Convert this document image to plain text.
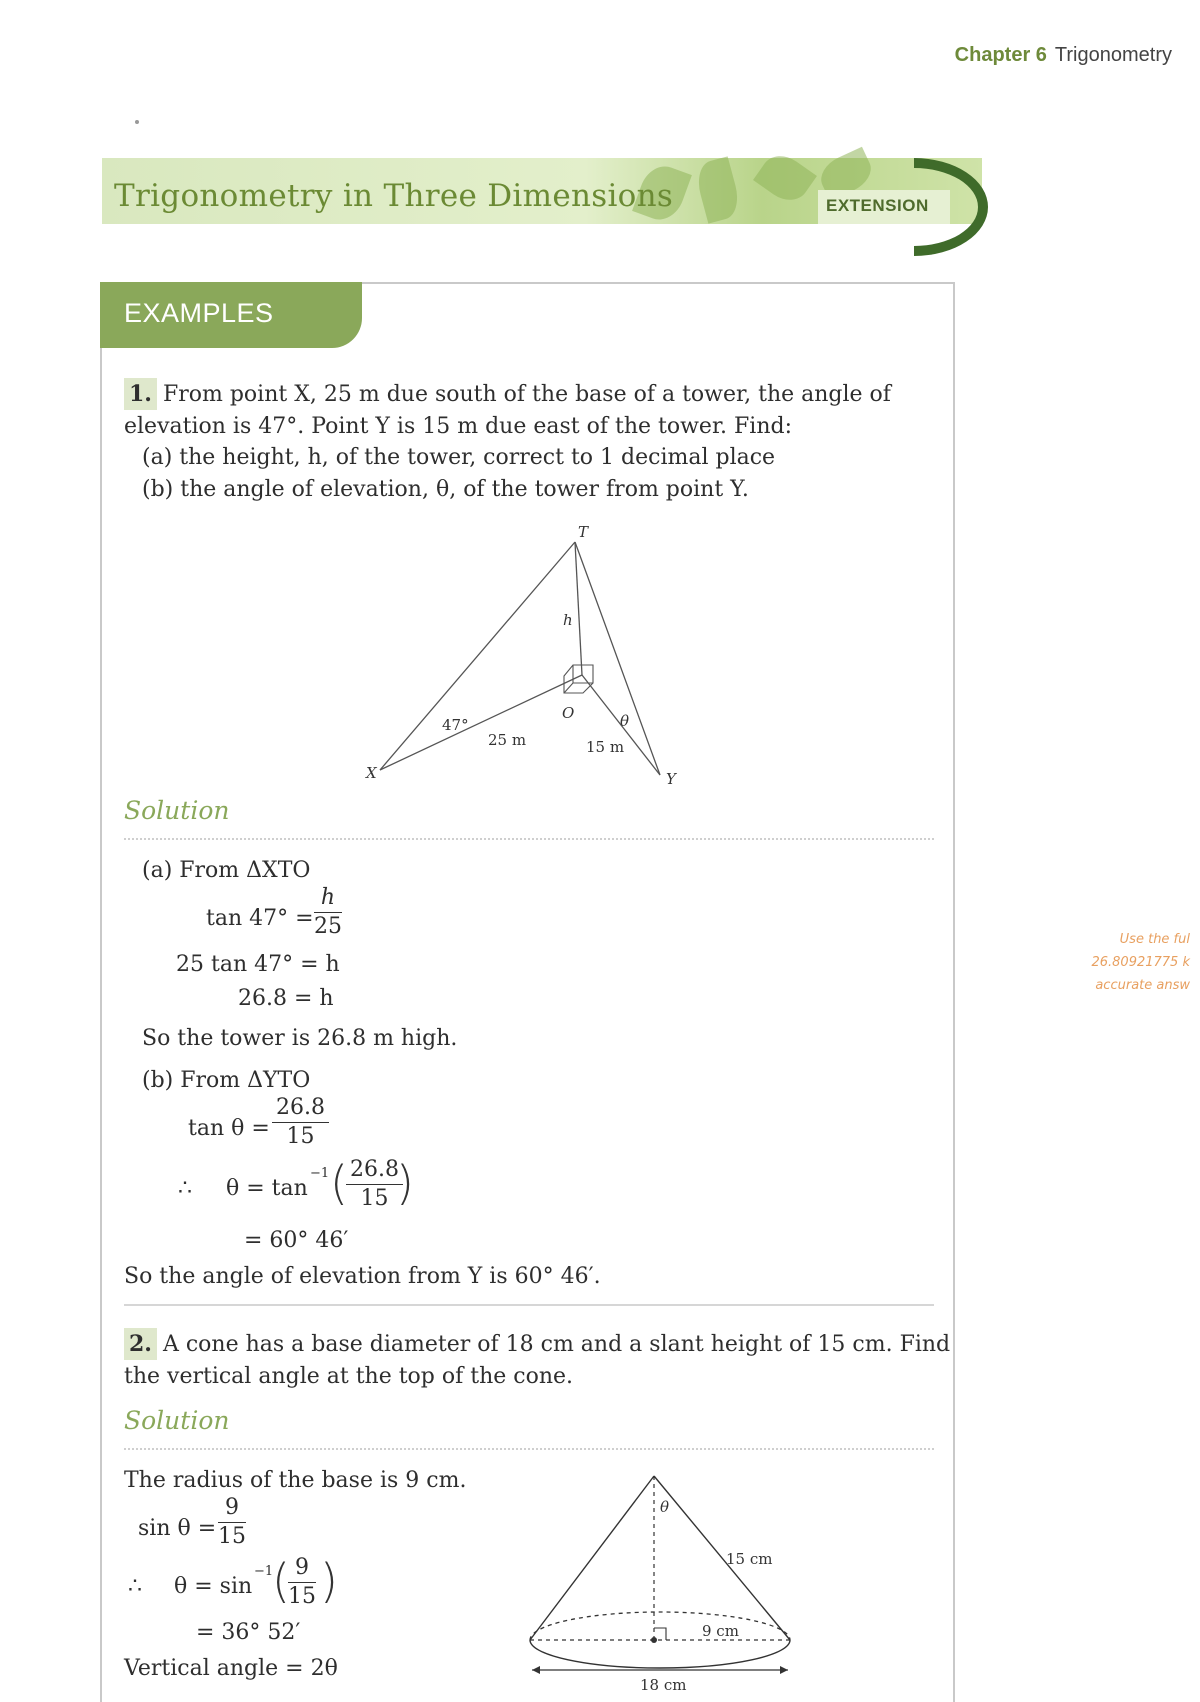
Chapter 6 Trigonometry
Trigonometry in Three Dimensions	EXTENSION
EXAMPLES
1. From point X, 25 m due south of the base of a tower, the angle of
elevation is 47°. Point Y is 15 m due east of the tower. Find:
(a) the height, h, of the tower, correct to 1 decimal place
(b) the angle of elevation, θ, of the tower from point Y.
T
h
O
X	Y
47°	θ
25 m	15 m
Solution
(a) From ΔXTO
$\tan 47^\circ = \frac{h}{25}$
25 tan 47° = h
26.8 = h
So the tower is 26.8 m high.
(b) From ΔYTO
$\tan \theta = \frac{26.8}{15}$
∴ θ = tan
−1 (
$\frac{26.8}{15}$
)
= 60° 46′
So the angle of elevation from Y is 60° 46′.
2. A cone has a base diameter of 18 cm and a slant height of 15 cm. Find
the vertical angle at the top of the cone.
Solution
The radius of the base is 9 cm.
$\sin \theta = \frac{9}{15}$
∴ θ = sin
−1
(
$\frac{9}{15}$ )
= 36° 52′
Vertical angle = 2θ
θ
15 cm
9 cm
18 cm
Use the ful
26.80921775 k
accurate answ
